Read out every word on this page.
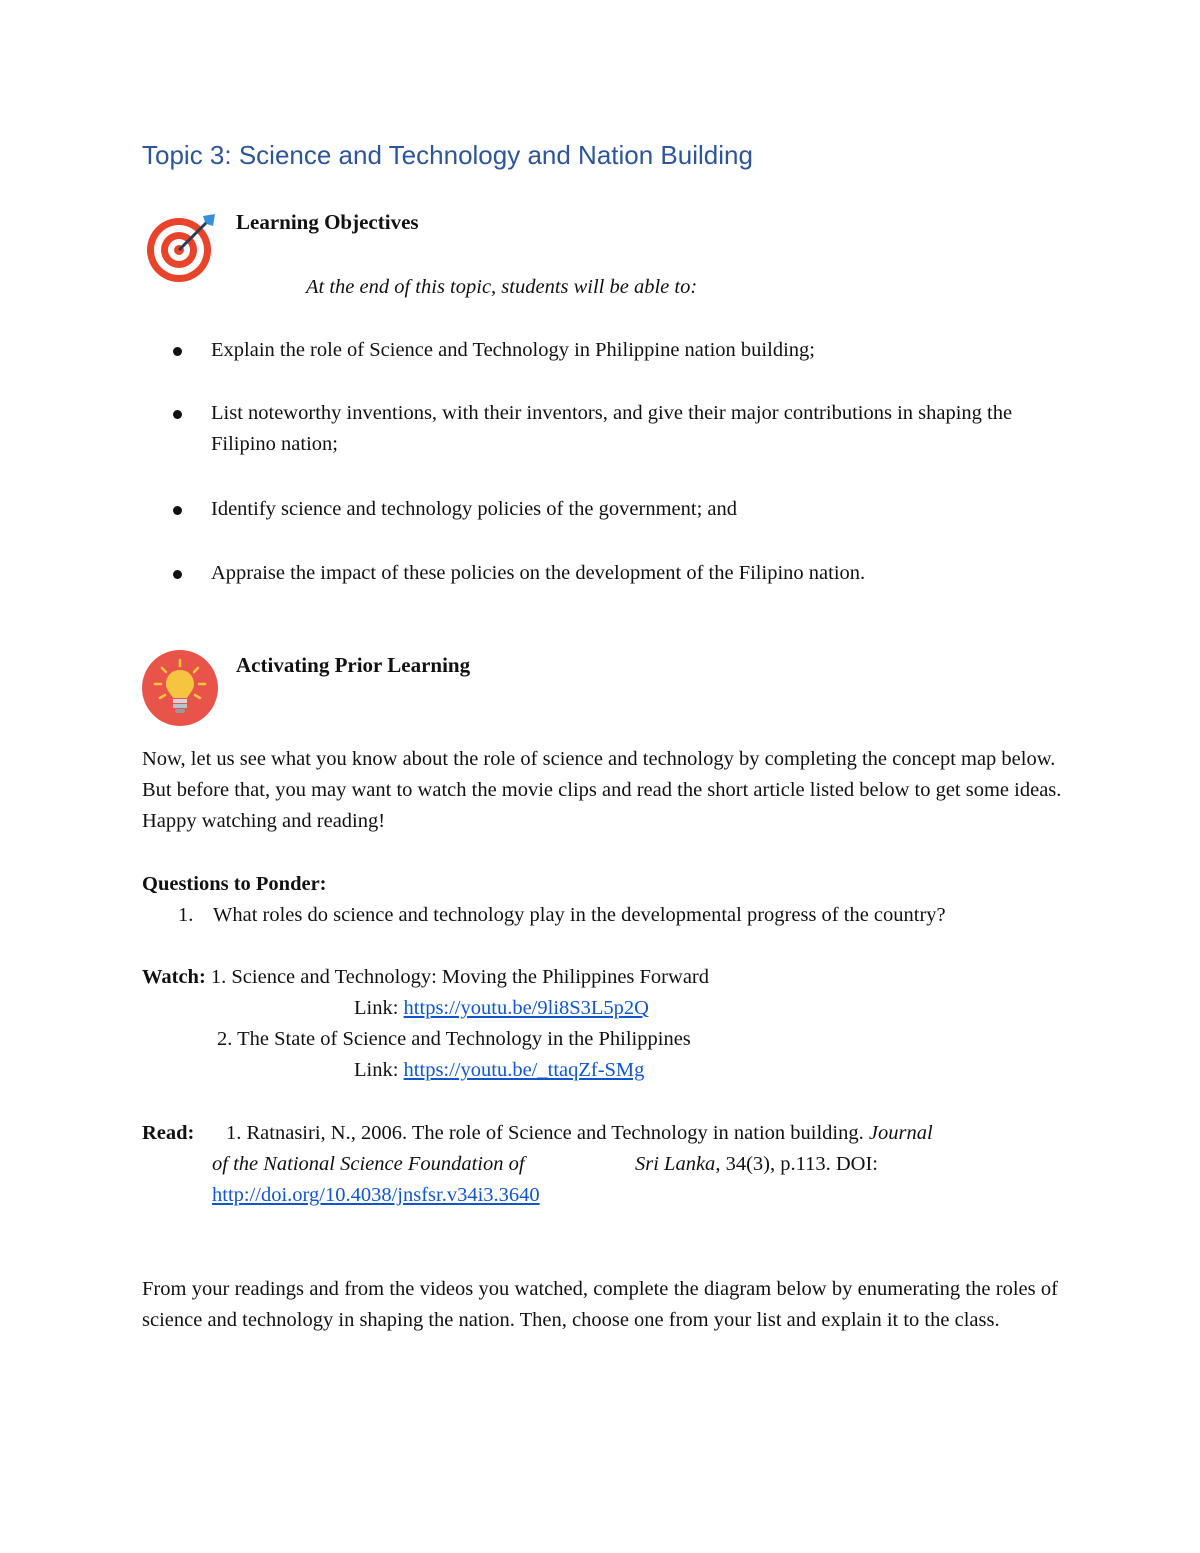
Topic 3: Science and Technology and Nation Building
Learning Objectives
At the end of this topic, students will be able to:
Explain the role of Science and Technology in Philippine nation building;
List noteworthy inventions, with their inventors, and give their major contributions in shaping the Filipino nation;
Identify science and technology policies of the government; and
Appraise the impact of these policies on the development of the Filipino nation.
Activating Prior Learning
Now, let us see what you know about the role of science and technology by completing the concept map below. But before that, you may want to watch the movie clips and read the short article listed below to get some ideas. Happy watching and reading!
Questions to Ponder:
1. What roles do science and technology play in the developmental progress of the country?
Watch: 1. Science and Technology: Moving the Philippines Forward
Link: https://youtu.be/9li8S3L5p2Q
2. The State of Science and Technology in the Philippines
Link: https://youtu.be/_ttaqZf-SMg
Read: 1. Ratnasiri, N., 2006. The role of Science and Technology in nation building. Journal
of the National Science Foundation of	Sri Lanka, 34(3), p.113. DOI:
http://doi.org/10.4038/jnsfsr.v34i3.3640
From your readings and from the videos you watched, complete the diagram below by enumerating the roles of science and technology in shaping the nation. Then, choose one from your list and explain it to the class.
